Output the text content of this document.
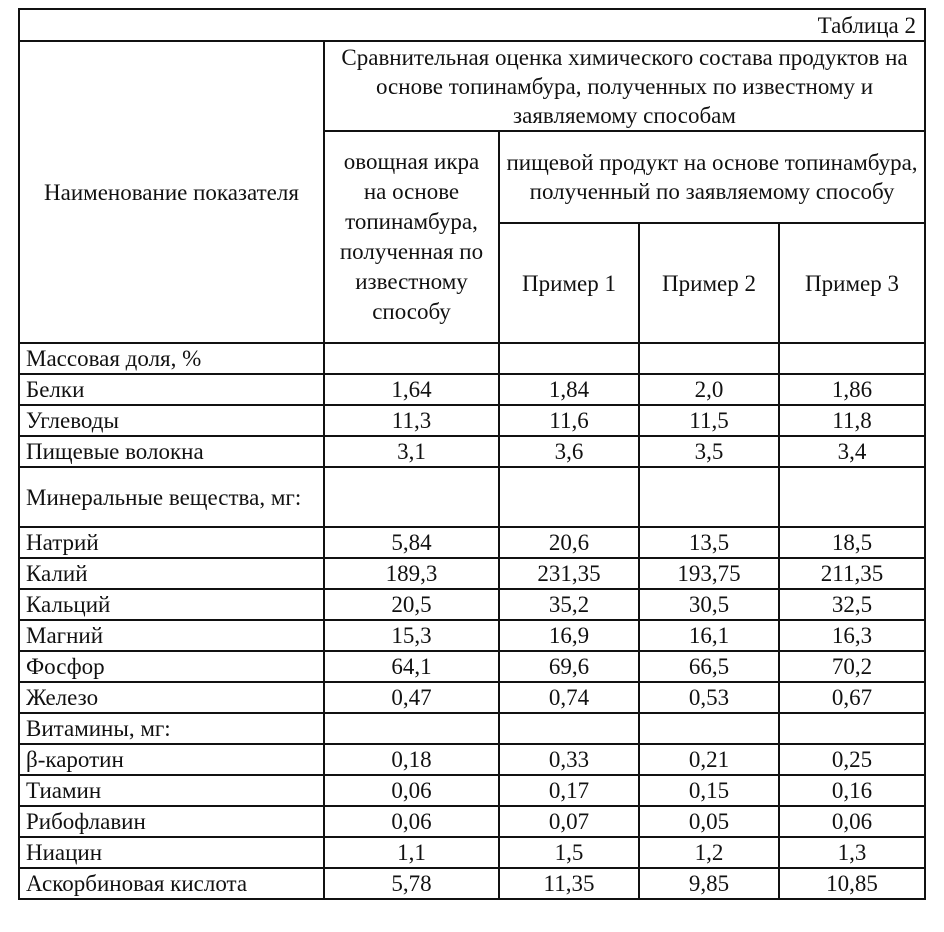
Таблица 2				
Наименование показателя	Сравнительная оценка химического состава продуктов на основе топинамбура, полученных по известному и заявляемому способам			
	овощная икра на основе топинамбура, полученная по известному способу	пищевой продукт на основе топинамбура, полученный по заявляемому способу		
		Пример 1	Пример 2	Пример 3
Массовая доля, %				
Белки	1,64	1,84	2,0	1,86
Углеводы	11,3	11,6	11,5	11,8
Пищевые волокна	3,1	3,6	3,5	3,4
Минеральные вещества, мг:				
Натрий	5,84	20,6	13,5	18,5
Калий	189,3	231,35	193,75	211,35
Кальций	20,5	35,2	30,5	32,5
Магний	15,3	16,9	16,1	16,3
Фосфор	64,1	69,6	66,5	70,2
Железо	0,47	0,74	0,53	0,67
Витамины, мг:				
β-каротин	0,18	0,33	0,21	0,25
Тиамин	0,06	0,17	0,15	0,16
Рибофлавин	0,06	0,07	0,05	0,06
Ниацин	1,1	1,5	1,2	1,3
Аскорбиновая кислота	5,78	11,35	9,85	10,85
